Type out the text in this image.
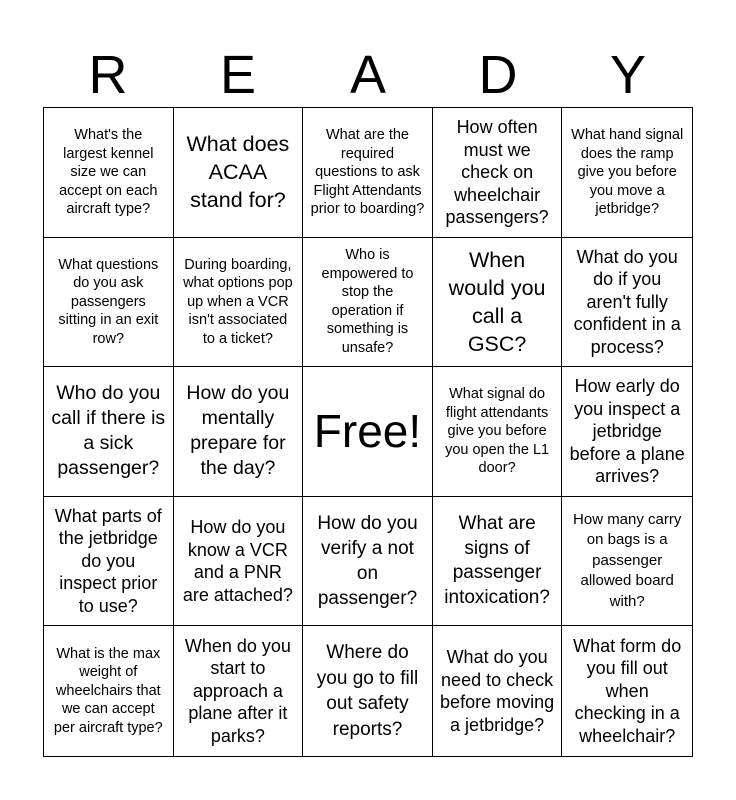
R	E	A	D	Y
What's the largest kennel size we can accept on each aircraft type?
What does ACAA stand for?
What are the required questions to ask Flight Attendants prior to boarding?
How often must we check on wheelchair passengers?
What hand signal does the ramp give you before you move a jetbridge?
What questions do you ask passengers sitting in an exit row?
During boarding, what options pop up when a VCR isn't associated to a ticket?
Who is empowered to stop the operation if something is unsafe?
When would you call a GSC?
What do you do if you aren't fully confident in a process?
Who do you call if there is a sick passenger?
How do you mentally prepare for the day?
Free!
What signal do flight attendants give you before you open the L1 door?
How early do you inspect a jetbridge before a plane arrives?
What parts of the jetbridge do you inspect prior to use?
How do you know a VCR and a PNR are attached?
How do you verify a not on passenger?
What are signs of passenger intoxication?
How many carry on bags is a passenger allowed board with?
What is the max weight of wheelchairs that we can accept per aircraft type?
When do you start to approach a plane after it parks?
Where do you go to fill out safety reports?
What do you need to check before moving a jetbridge?
What form do you fill out when checking in a wheelchair?
